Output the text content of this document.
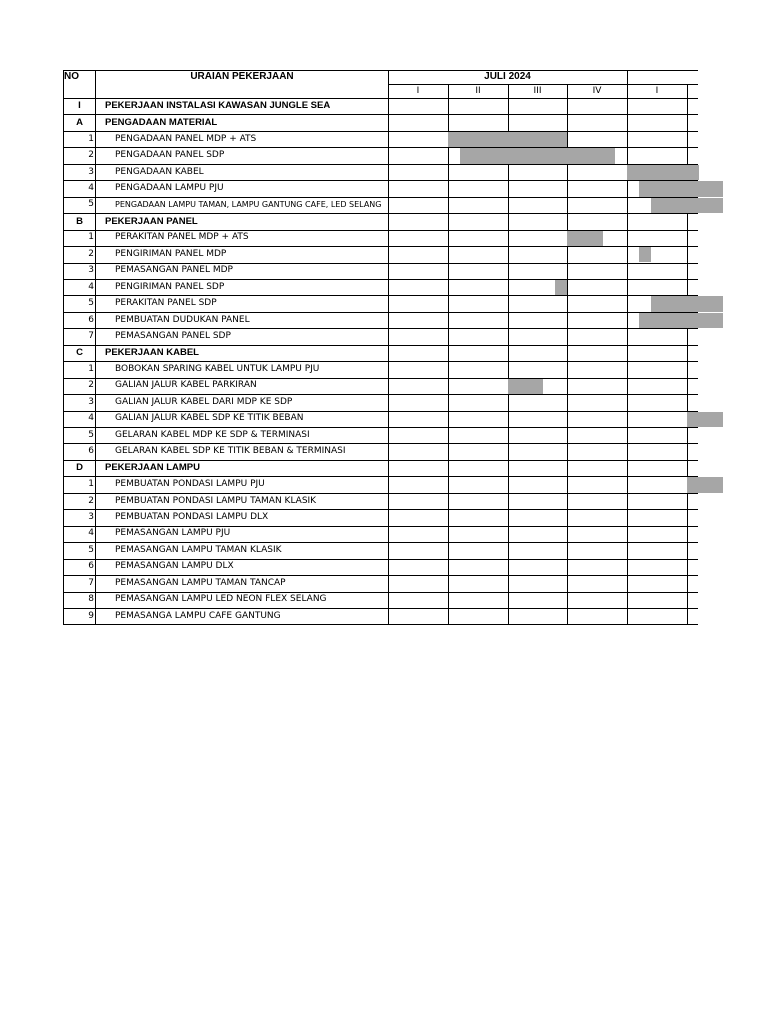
NO	URAIAN PEKERJAAN	JULI 2024
I	II	III	IV	I
I	PEKERJAAN INSTALASI KAWASAN JUNGLE SEA
A	PENGADAAN MATERIAL
1 PENGADAAN PANEL MDP + ATS
2 PENGADAAN PANEL SDP
3 PENGADAAN KABEL
4 PENGADAAN LAMPU PJU
5	PENGADAAN LAMPU TAMAN, LAMPU GANTUNG CAFE, LED SELANG
B	PEKERJAAN PANEL
1 PERAKITAN PANEL MDP + ATS
2 PENGIRIMAN PANEL MDP
3 PEMASANGAN PANEL MDP
4 PENGIRIMAN PANEL SDP
5 PERAKITAN PANEL SDP
6 PEMBUATAN DUDUKAN PANEL
7 PEMASANGAN PANEL SDP
C	PEKERJAAN KABEL
1 BOBOKAN SPARING KABEL UNTUK LAMPU PJU
2 GALIAN JALUR KABEL PARKIRAN
3 GALIAN JALUR KABEL DARI MDP KE SDP
4 GALIAN JALUR KABEL SDP KE TITIK BEBAN
5 GELARAN KABEL MDP KE SDP & TERMINASI
6 GELARAN KABEL SDP KE TITIK BEBAN & TERMINASI
D	PEKERJAAN LAMPU
1 PEMBUATAN PONDASI LAMPU PJU
2 PEMBUATAN PONDASI LAMPU TAMAN KLASIK
3 PEMBUATAN PONDASI LAMPU DLX
4 PEMASANGAN LAMPU PJU
5 PEMASANGAN LAMPU TAMAN KLASIK
6 PEMASANGAN LAMPU DLX
7 PEMASANGAN LAMPU TAMAN TANCAP
8 PEMASANGAN LAMPU LED NEON FLEX SELANG
9 PEMASANGA LAMPU CAFE GANTUNG
